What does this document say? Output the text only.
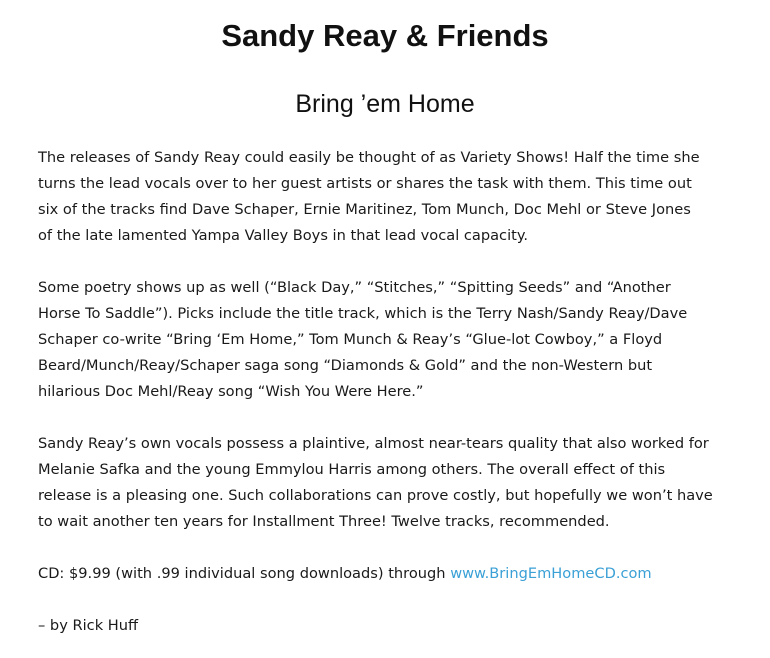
Sandy Reay & Friends
Bring ’em Home

The releases of Sandy Reay could easily be thought of as Variety Shows! Half the time she
turns the lead vocals over to her guest artists or shares the task with them. This time out
six of the tracks find Dave Schaper, Ernie Maritinez, Tom Munch, Doc Mehl or Steve Jones
of the late lamented Yampa Valley Boys in that lead vocal capacity.

Some poetry shows up as well (“Black Day,” “Stitches,” “Spitting Seeds” and “Another
Horse To Saddle”). Picks include the title track, which is the Terry Nash/Sandy Reay/Dave
Schaper co-write “Bring ‘Em Home,” Tom Munch & Reay’s “Glue-lot Cowboy,” a Floyd
Beard/Munch/Reay/Schaper saga song “Diamonds & Gold” and the non-Western but
hilarious Doc Mehl/Reay song “Wish You Were Here.”

Sandy Reay’s own vocals possess a plaintive, almost near-tears quality that also worked for
Melanie Safka and the young Emmylou Harris among others. The overall effect of this
release is a pleasing one. Such collaborations can prove costly, but hopefully we won’t have
to wait another ten years for Installment Three! Twelve tracks, recommended.

CD: $9.99 (with .99 individual song downloads) through www.BringEmHomeCD.com

– by Rick Huff
